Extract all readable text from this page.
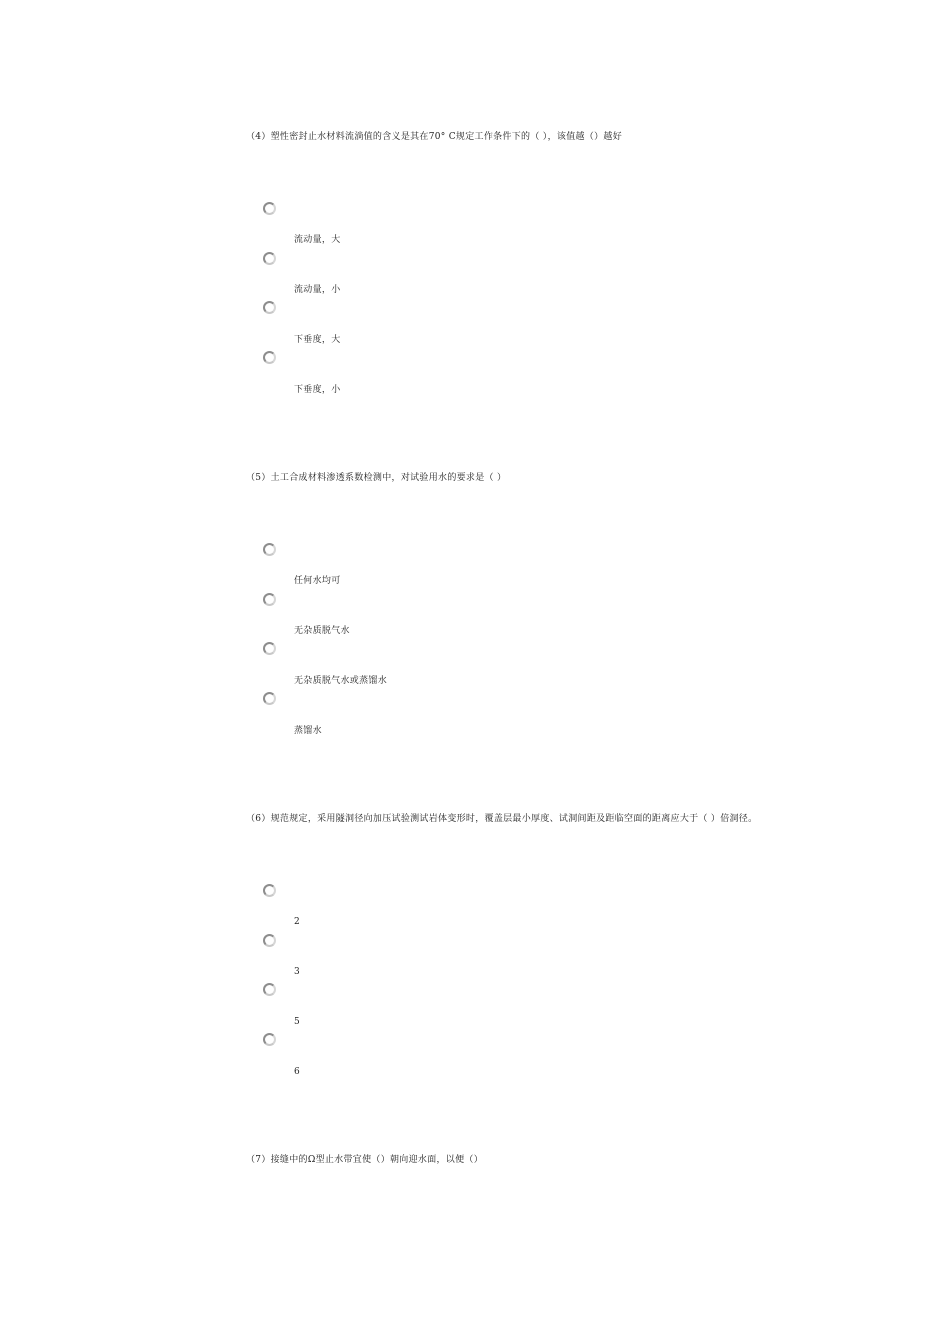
（4）塑性密封止水材料流淌值的含义是其在70° C规定工作条件下的（ ），该值越（）越好
流动量，大
流动量，小
下垂度，大
下垂度，小
（5）土工合成材料渗透系数检测中，对试验用水的要求是（ ）
任何水均可
无杂质脱气水
无杂质脱气水或蒸馏水
蒸馏水
（6）规范规定，采用隧洞径向加压试验测试岩体变形时，覆盖层最小厚度、试洞间距及距临空面的距离应大于（ ）倍洞径。
2
3
5
6
（7）接缝中的Ω型止水带宜使（）朝向迎水面，以便（）
